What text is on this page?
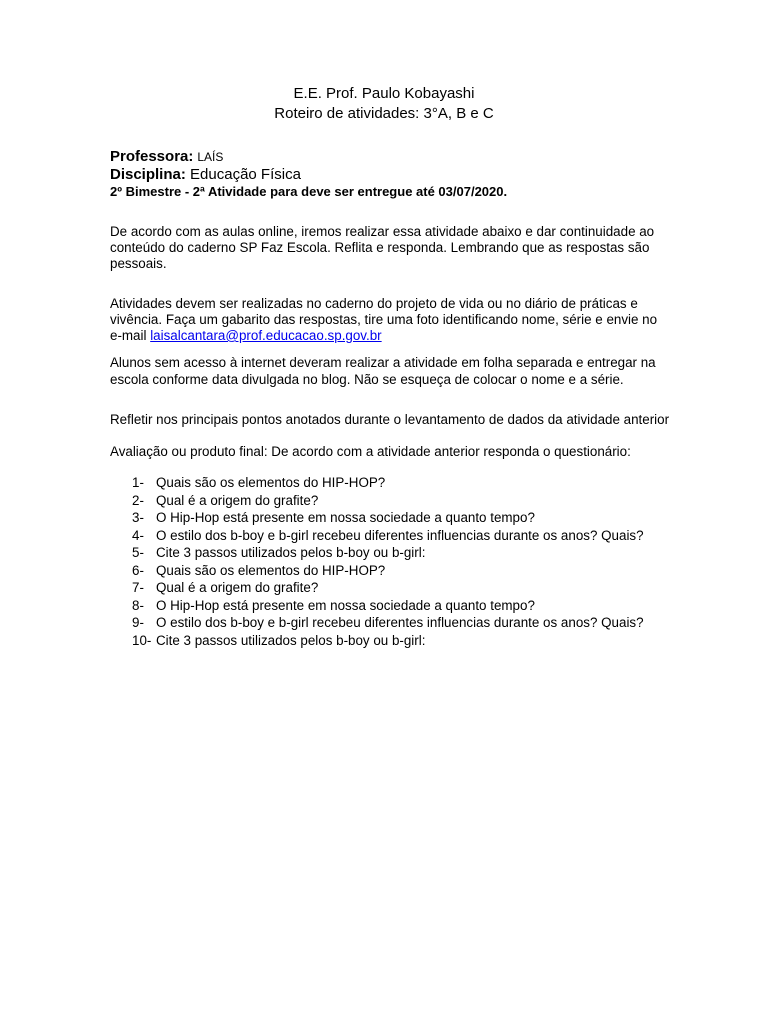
E.E. Prof. Paulo Kobayashi
Roteiro de atividades: 3°A, B e C
Professora: LAÍS
Disciplina: Educação Física
2º Bimestre - 2ª Atividade para deve ser entregue até 03/07/2020.

De acordo com as aulas online, iremos realizar essa atividade abaixo e dar continuidade ao conteúdo do caderno SP Faz Escola. Reflita e responda. Lembrando que as respostas são pessoais.

Atividades devem ser realizadas no caderno do projeto de vida ou no diário de práticas e vivência. Faça um gabarito das respostas, tire uma foto identificando nome, série e envie no e-mail laisalcantara@prof.educacao.sp.gov.br

Alunos sem acesso à internet deveram realizar a atividade em folha separada e entregar na escola conforme data divulgada no blog. Não se esqueça de colocar o nome e a série.

Refletir nos principais pontos anotados durante o levantamento de dados da atividade anterior

Avaliação ou produto final: De acordo com a atividade anterior responda o questionário:

1- Quais são os elementos do HIP-HOP?
2- Qual é a origem do grafite?
3- O Hip-Hop está presente em nossa sociedade a quanto tempo?
4- O estilo dos b-boy e b-girl recebeu diferentes influencias durante os anos? Quais?
5- Cite 3 passos utilizados pelos b-boy ou b-girl:
6- Quais são os elementos do HIP-HOP?
7- Qual é a origem do grafite?
8- O Hip-Hop está presente em nossa sociedade a quanto tempo?
9- O estilo dos b-boy e b-girl recebeu diferentes influencias durante os anos? Quais?
10- Cite 3 passos utilizados pelos b-boy ou b-girl:
